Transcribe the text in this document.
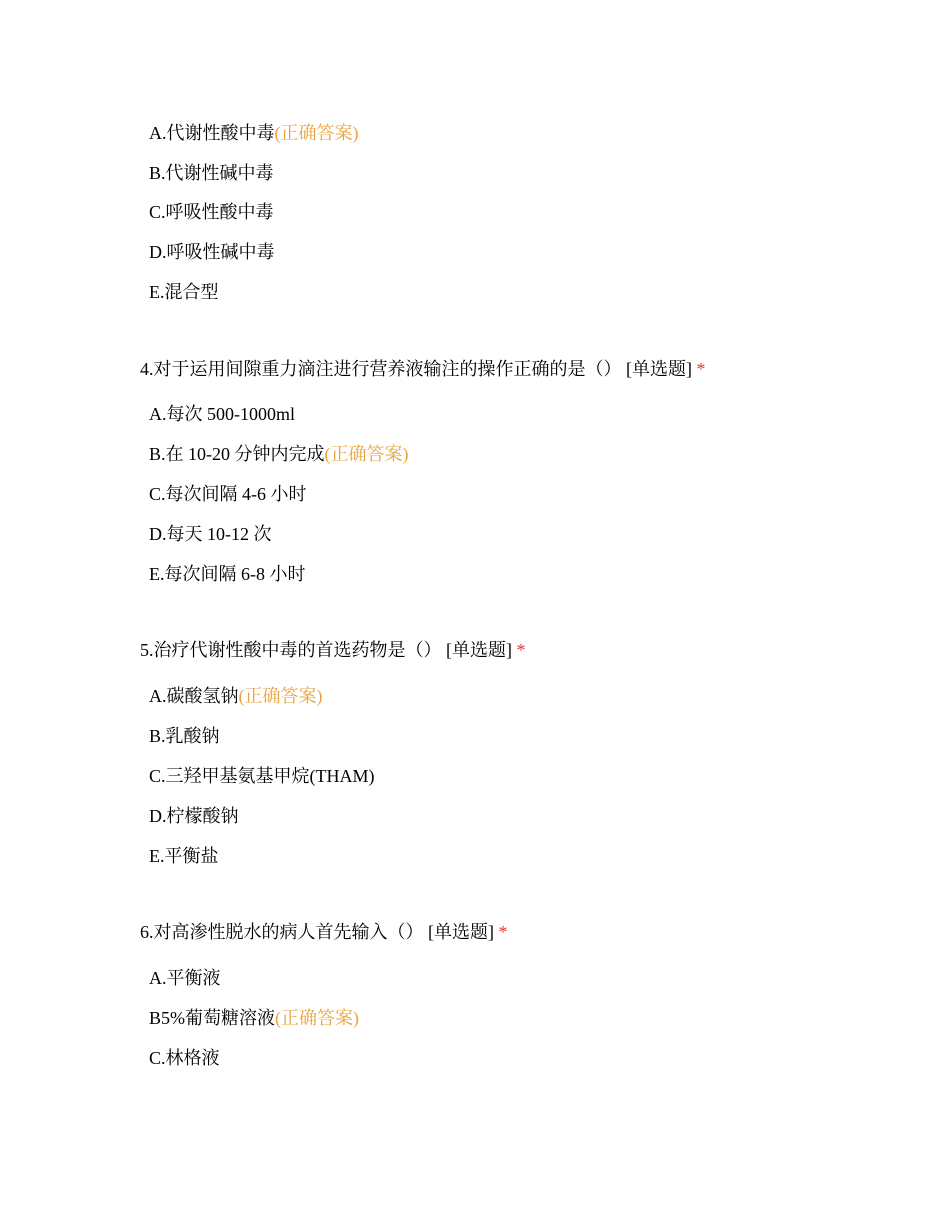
A.代谢性酸中毒(正确答案)
B.代谢性碱中毒
C.呼吸性酸中毒
D.呼吸性碱中毒
E.混合型
4.对于运用间隙重力滴注进行营养液输注的操作正确的是（） [单选题] *
A.每次 500-1000ml
B.在 10-20 分钟内完成(正确答案)
C.每次间隔 4-6 小时
D.每天 10-12 次
E.每次间隔 6-8 小时
5.治疗代谢性酸中毒的首选药物是（） [单选题] *
A.碳酸氢钠(正确答案)
B.乳酸钠
C.三羟甲基氨基甲烷(THAM)
D.柠檬酸钠
E.平衡盐
6.对高渗性脱水的病人首先输入（） [单选题] *
A.平衡液
B5%葡萄糖溶液(正确答案)
C.林格液
